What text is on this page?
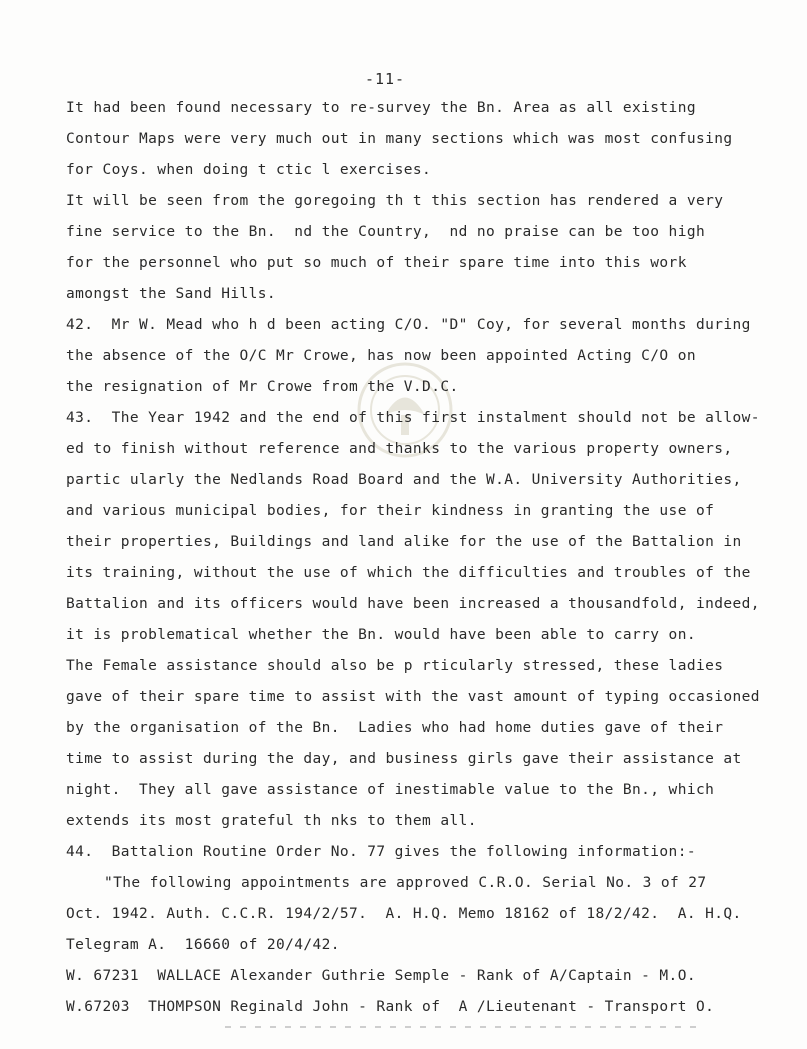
-11-
It had been found necessary to re-survey the Bn. Area as all existing
Contour Maps were very much out in many sections which was most confusing
for Coys. when doing t ctic l exercises.
It will be seen from the goregoing th t this section has rendered a very
fine service to the Bn.  nd the Country,  nd no praise can be too high
for the personnel who put so much of their spare time into this work
amongst the Sand Hills.
42.  Mr W. Mead who h d been acting C/O. "D" Coy, for several months during
the absence of the O/C Mr Crowe, has now been appointed Acting C/O on
the resignation of Mr Crowe from the V.D.C.
43.  The Year 1942 and the end of this first instalment should not be allow-
ed to finish without reference and thanks to the various property owners,
partic ularly the Nedlands Road Board and the W.A. University Authorities,
and various municipal bodies, for their kindness in granting the use of
their properties, Buildings and land alike for the use of the Battalion in
its training, without the use of which the difficulties and troubles of the
Battalion and its officers would have been increased a thousandfold, indeed,
it is problematical whether the Bn. would have been able to carry on.
The Female assistance should also be p rticularly stressed, these ladies
gave of their spare time to assist with the vast amount of typing occasioned
by the organisation of the Bn.  Ladies who had home duties gave of their
time to assist during the day, and business girls gave their assistance at
night.  They all gave assistance of inestimable value to the Bn., which
extends its most grateful th nks to them all.
44.  Battalion Routine Order No. 77 gives the following information:-
"The following appointments are approved C.R.O. Serial No. 3 of 27
Oct. 1942. Auth. C.C.R. 194/2/57.  A. H.Q. Memo 18162 of 18/2/42.  A. H.Q.
Telegram A.  16660 of 20/4/42.
W. 67231  WALLACE Alexander Guthrie Semple - Rank of A/Captain - M.O.
W.67203  THOMPSON Reginald John - Rank of  A /Lieutenant - Transport O.
